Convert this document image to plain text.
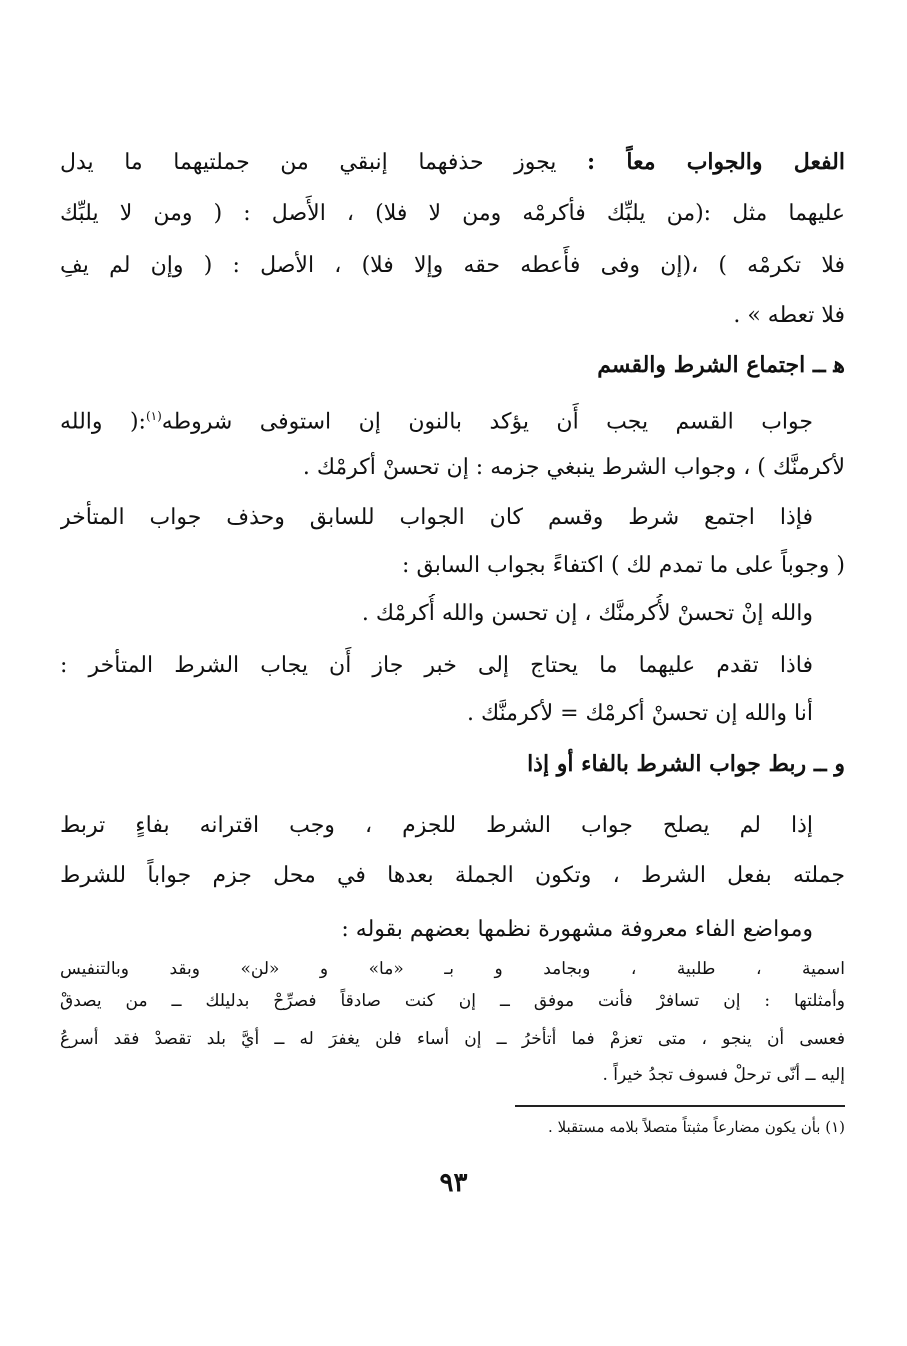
الفعل والجواب معاً : يجوز حذفهما إنبقي من جملتيهما ما يدل
عليهما مثل :(من يلبِّك فأكرمْه ومن لا فلا) ، الأَصل : ( ومن لا يلبِّك
فلا تكرمْه ) ،(إن وفى فأَعطه حقه وإلا فلا) ، الأصل : ( وإن لم يفِ
فلا تعطه » .
ﻫ ــ اجتماع الشرط والقسم
جواب القسم يجب أَن يؤكد بالنون إن استوفى شروطه$^{(١)}$:( والله
لأكرمنَّك ) ، وجواب الشرط ينبغي جزمه : إن تحسنْ أكرمْك .
فإذا اجتمع شرط وقسم كان الجواب للسابق وحذف جواب المتأخر
( وجوباً على ما تمدم لك ) اكتفاءً بجواب السابق :
والله إنْ تحسنْ لأُكرمنَّك ، إن تحسن والله أُكرمْك .
فاذا تقدم عليهما ما يحتاج إلى خبر جاز أَن يجاب الشرط المتأخر :
أنا والله إن تحسنْ أكرمْك = لأكرمنَّك .
و ــ ربط جواب الشرط بالفاء أو إذا
إذا لم يصلح جواب الشرط للجزم ، وجب اقترانه بفاءٍ تربط
جملته بفعل الشرط ، وتكون الجملة بعدها في محل جزم جواباً للشرط
ومواضع الفاء معروفة مشهورة نظمها بعضهم بقوله :
اسمية ، طلبية ، وبجامد و بـ «ما» و «لن» وبقد وبالتنفيس
وأمثلتها : إن تسافرْ فأنت موفق ــ إن كنت صادقاً فصرِّحْ بدليلك ــ من يصدقْ
فعسى أن ينجو ، متى تعزمْ فما أتأخرُ ــ إن أساء فلن يغفرَ له ــ أيَّ بلد تقصدْ فقد أسرعُ
إليه ــ أنّى ترحلْ فسوف تجدُ خيراً .
(١) بأن يكون مضارعاً مثبتاً متصلاً بلامه مستقبلا .
٩٣
